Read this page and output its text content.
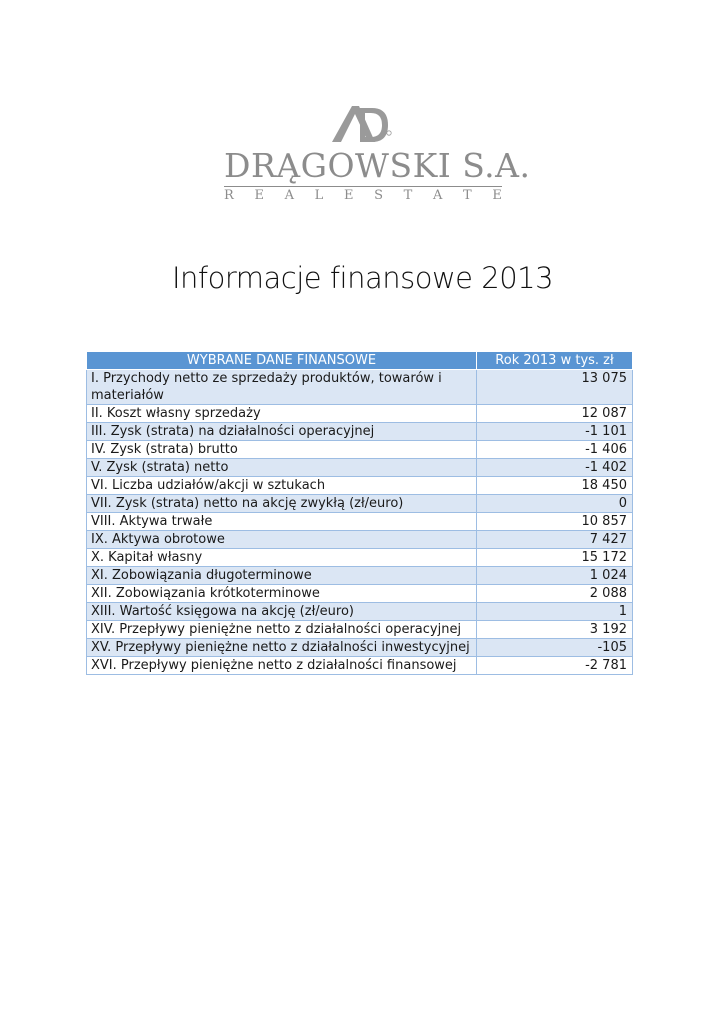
DRĄGOWSKI S.A.
R E A L E S T A T E
Informacje finansowe 2013
WYBRANE DANE FINANSOWE	Rok 2013 w tys. zł
I. Przychody netto ze sprzedaży produktów, towarów i materiałów	13 075
II. Koszt własny sprzedaży	12 087
III. Zysk (strata) na działalności operacyjnej	-1 101
IV. Zysk (strata) brutto	-1 406
V. Zysk (strata) netto	-1 402
VI. Liczba udziałów/akcji w sztukach	18 450
VII. Zysk (strata) netto na akcję zwykłą (zł/euro)	0
VIII. Aktywa trwałe	10 857
IX. Aktywa obrotowe	7 427
X. Kapitał własny	15 172
XI. Zobowiązania długoterminowe	1 024
XII. Zobowiązania krótkoterminowe	2 088
XIII. Wartość księgowa na akcję (zł/euro)	1
XIV. Przepływy pieniężne netto z działalności operacyjnej	3 192
XV. Przepływy pieniężne netto z działalności inwestycyjnej	-105
XVI. Przepływy pieniężne netto z działalności finansowej	-2 781
